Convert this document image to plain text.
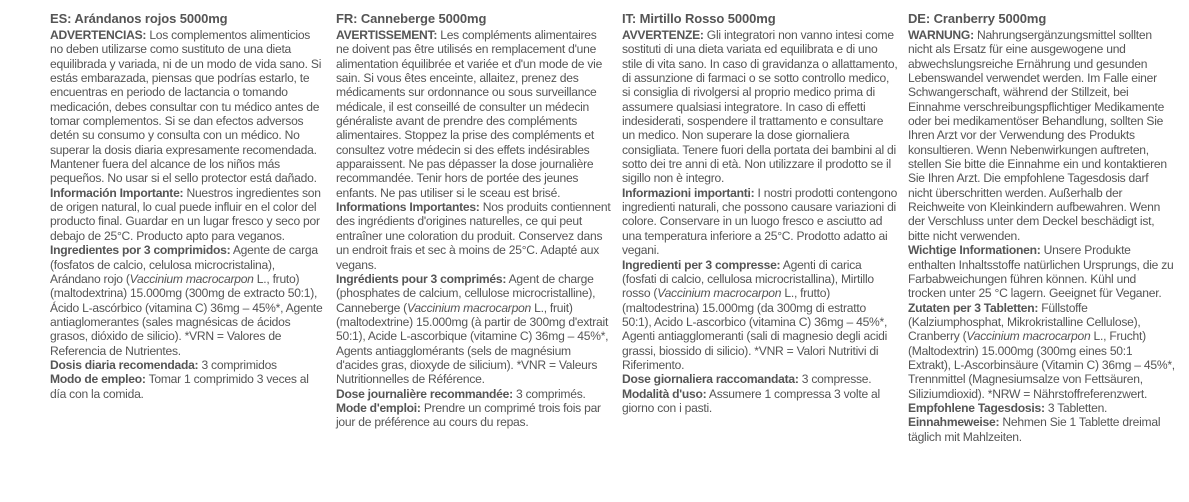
ES: Arándanos rojos 5000mg

ADVERTENCIAS: Los complementos alimenticios no deben utilizarse como sustituto de una dieta equilibrada y variada, ni de un modo de vida sano. Si estás embarazada, piensas que podrías estarlo, te encuentras en periodo de lactancia o tomando medicación, debes consultar con tu médico antes de tomar complementos. Si se dan efectos adversos detén su consumo y consulta con un médico. No superar la dosis diaria expresamente recomendada. Mantener fuera del alcance de los niños más pequeños. No usar si el sello protector está dañado.

Información Importante: Nuestros ingredientes son de origen natural, lo cual puede influir en el color del producto final. Guardar en un lugar fresco y seco por debajo de 25°C. Producto apto para veganos.

Ingredientes por 3 comprimidos: Agente de carga (fosfatos de calcio, celulosa microcristalina), Arándano rojo (Vaccinium macrocarpon L., fruto) (maltodextrina) 15.000mg (300mg de extracto 50:1), Ácido L-ascórbico (vitamina C) 36mg – 45%*, Agente antiaglomerantes (sales magnésicas de ácidos grasos, dióxido de silicio). *VRN = Valores de Referencia de Nutrientes.

Dosis diaria recomendada: 3 comprimidos

Modo de empleo: Tomar 1 comprimido 3 veces al día con la comida.

FR: Canneberge 5000mg

AVERTISSEMENT: Les compléments alimentaires ne doivent pas être utilisés en remplacement d'une alimentation équilibrée et variée et d'un mode de vie sain. Si vous êtes enceinte, allaitez, prenez des médicaments sur ordonnance ou sous surveillance médicale, il est conseillé de consulter un médecin généraliste avant de prendre des compléments alimentaires. Stoppez la prise des compléments et consultez votre médecin si des effets indésirables apparaissent. Ne pas dépasser la dose journalière recommandée. Tenir hors de portée des jeunes enfants. Ne pas utiliser si le sceau est brisé.

Informations Importantes: Nos produits contiennent des ingrédients d'origines naturelles, ce qui peut entraîner une coloration du produit. Conservez dans un endroit frais et sec à moins de 25°C. Adapté aux vegans.

Ingrédients pour 3 comprimés: Agent de charge (phosphates de calcium, cellulose microcristalline), Canneberge (Vaccinium macrocarpon L., fruit) (maltodextrine) 15.000mg (à partir de 300mg d'extrait 50:1), Acide L-ascorbique (vitamine C) 36mg – 45%*, Agents antiagglomérants (sels de magnésium d'acides gras, dioxyde de silicium). *VNR = Valeurs Nutritionnelles de Référence.

Dose journalière recommandée: 3 comprimés.

Mode d'emploi: Prendre un comprimé trois fois par jour de préférence au cours du repas.

IT: Mirtillo Rosso 5000mg

AVVERTENZE: Gli integratori non vanno intesi come sostituti di una dieta variata ed equilibrata e di uno stile di vita sano. In caso di gravidanza o allattamento, di assunzione di farmaci o se sotto controllo medico, si consiglia di rivolgersi al proprio medico prima di assumere qualsiasi integratore. In caso di effetti indesiderati, sospendere il trattamento e consultare un medico. Non superare la dose giornaliera consigliata. Tenere fuori della portata dei bambini al di sotto dei tre anni di età. Non utilizzare il prodotto se il sigillo non è integro.

Informazioni importanti: I nostri prodotti contengono ingredienti naturali, che possono causare variazioni di colore. Conservare in un luogo fresco e asciutto ad una temperatura inferiore a 25°C. Prodotto adatto ai vegani.

Ingredienti per 3 compresse: Agenti di carica (fosfati di calcio, cellulosa microcristallina), Mirtillo rosso (Vaccinium macrocarpon L., frutto) (maltodestrina) 15.000mg (da 300mg di estratto 50:1), Acido L-ascorbico (vitamina C) 36mg – 45%*, Agenti antiagglomeranti (sali di magnesio degli acidi grassi, biossido di silicio). *VNR = Valori Nutritivi di Riferimento.

Dose giornaliera raccomandata: 3 compresse.

Modalità d'uso: Assumere 1 compressa 3 volte al giorno con i pasti.

DE: Cranberry 5000mg

WARNUNG: Nahrungsergänzungsmittel sollten nicht als Ersatz für eine ausgewogene und abwechslungsreiche Ernährung und gesunden Lebenswandel verwendet werden. Im Falle einer Schwangerschaft, während der Stillzeit, bei Einnahme verschreibungspflichtiger Medikamente oder bei medikamentöser Behandlung, sollten Sie Ihren Arzt vor der Verwendung des Produkts konsultieren. Wenn Nebenwirkungen auftreten, stellen Sie bitte die Einnahme ein und kontaktieren Sie Ihren Arzt. Die empfohlene Tagesdosis darf nicht überschritten werden. Außerhalb der Reichweite von Kleinkindern aufbewahren. Wenn der Verschluss unter dem Deckel beschädigt ist, bitte nicht verwenden.

Wichtige Informationen: Unsere Produkte enthalten Inhaltsstoffe natürlichen Ursprungs, die zu Farbabweichungen führen können. Kühl und trocken unter 25 °C lagern. Geeignet für Veganer.

Zutaten per 3 Tabletten: Füllstoffe (Kalziumphosphat, Mikrokristalline Cellulose), Cranberry (Vaccinium macrocarpon L., Frucht) (Maltodextrin) 15.000mg (300mg eines 50:1 Extrakt), L-Ascorbinsäure (Vitamin C) 36mg – 45%*, Trennmittel (Magnesiumsalze von Fettsäuren, Siliziumdioxid). *NRW = Nährstoffreferenzwert.

Empfohlene Tagesdosis: 3 Tabletten.

Einnahmeweise: Nehmen Sie 1 Tablette dreimal täglich mit Mahlzeiten.
